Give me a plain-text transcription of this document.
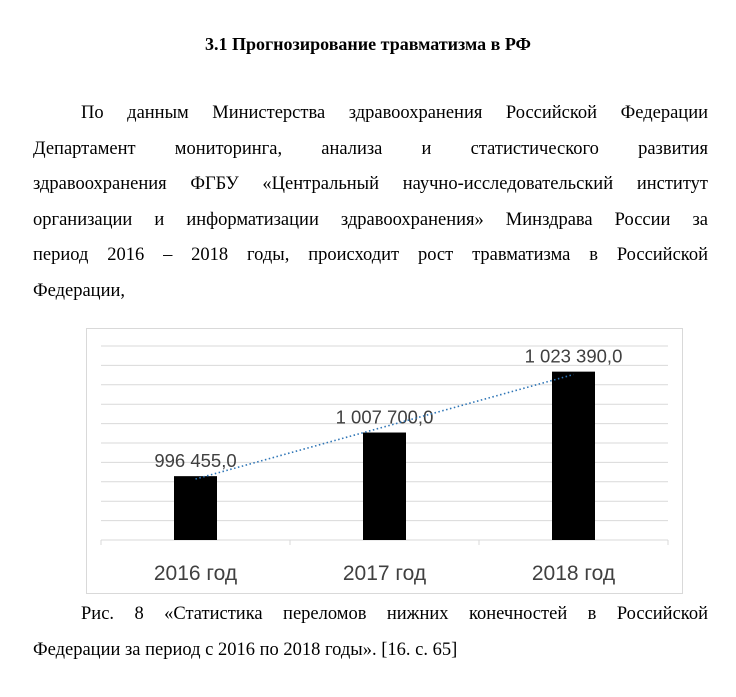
3.1 Прогнозирование травматизма в РФ
По данным Министерства здравоохранения Российской Федерации
Департамент мониторинга, анализа и статистического развития
здравоохранения ФГБУ «Центральный научно-исследовательский институт
организации и информатизации здравоохранения» Минздрава России за
период 2016 – 2018 годы, происходит рост травматизма в Российской
Федерации,
996 455,0
2016 год
1 007 700,0
2017 год
1 023 390,0
2018 год
Рис. 8 «Статистика переломов нижних конечностей в Российской
Федерации за период с 2016 по 2018 годы». [16. с. 65]
